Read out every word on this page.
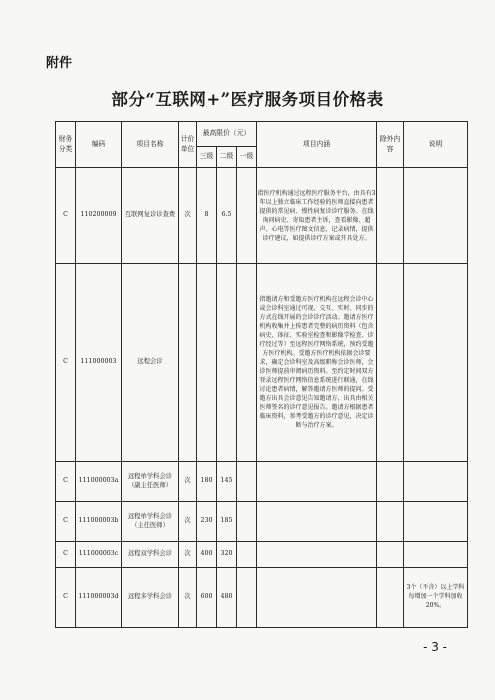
附件
部分“互联网+”医疗服务项目价格表
财务分类	编码	项目名称	计价单位	最高限价（元）			项目内涵	除外内容	说明
				三级	二级	一级			
C	110200009	互联网复诊诊查费	次	8	6.5		指医疗机构通过远程医疗服务平台，由具有3年以上独立临床工作经验的医师直接向患者提供的常见病、慢性病复诊诊疗服务。在线询问病史、寄取患者主诉，查看影像、超声、心电等医疗图文信息，记录病情，提供诊疗建议，如提供诊疗方案或开具处方。		
C	111000003	远程会诊					指邀请方和受邀方医疗机构在远程会诊中心或会诊科室通过可视、交互、实时、同步的方式在线开展的会诊诊疗活动。邀请方医疗机构收集并上传患者完整的病历资料（包含病史、体征、实验室检查和影像学检查、诊疗经过等）至远程医疗网络系统，预约受邀方医疗机构。受邀方医疗机构依据会诊要求，确定会诊科室及高级职称会诊医师，会诊医师提前审阅病历资料。至约定时间双方登录远程医疗网络信息系统进行联通，在线讨论患者病情，解答邀请方医师的提问。受邀方出具会诊意见告知邀请方，出具由相关医师签名的诊疗意见报告。邀请方根据患者临床资料，参考受邀方的诊疗意见，决定诊断与治疗方案。		
C	111000003a	远程单学科会诊（副主任医师）	次	180	145				
C	111000003b	远程单学科会诊（主任医师）	次	230	185				
C	111000003c	远程双学科会诊	次	400	320				
C	111000003d	远程多学科会诊	次	600	480				3个（不含）以上学科每增加一个学科加收20%。
- 3 -
